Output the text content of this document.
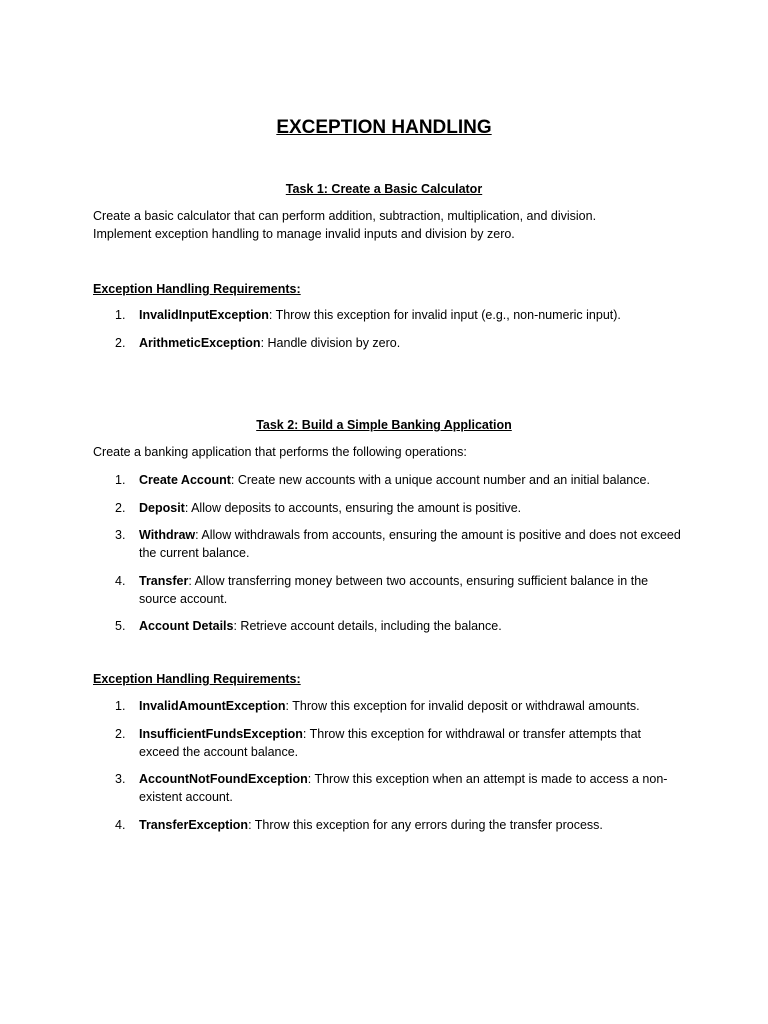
EXCEPTION HANDLING
Task 1: Create a Basic Calculator
Create a basic calculator that can perform addition, subtraction, multiplication, and division.
Implement exception handling to manage invalid inputs and division by zero.
Exception Handling Requirements:
1. InvalidInputException: Throw this exception for invalid input (e.g., non-numeric input).
2. ArithmeticException: Handle division by zero.
Task 2: Build a Simple Banking Application
Create a banking application that performs the following operations:
1. Create Account: Create new accounts with a unique account number and an initial balance.
2. Deposit: Allow deposits to accounts, ensuring the amount is positive.
3. Withdraw: Allow withdrawals from accounts, ensuring the amount is positive and does not exceed the current balance.
4. Transfer: Allow transferring money between two accounts, ensuring sufficient balance in the source account.
5. Account Details: Retrieve account details, including the balance.
Exception Handling Requirements:
1. InvalidAmountException: Throw this exception for invalid deposit or withdrawal amounts.
2. InsufficientFundsException: Throw this exception for withdrawal or transfer attempts that exceed the account balance.
3. AccountNotFoundException: Throw this exception when an attempt is made to access a non-existent account.
4. TransferException: Throw this exception for any errors during the transfer process.
